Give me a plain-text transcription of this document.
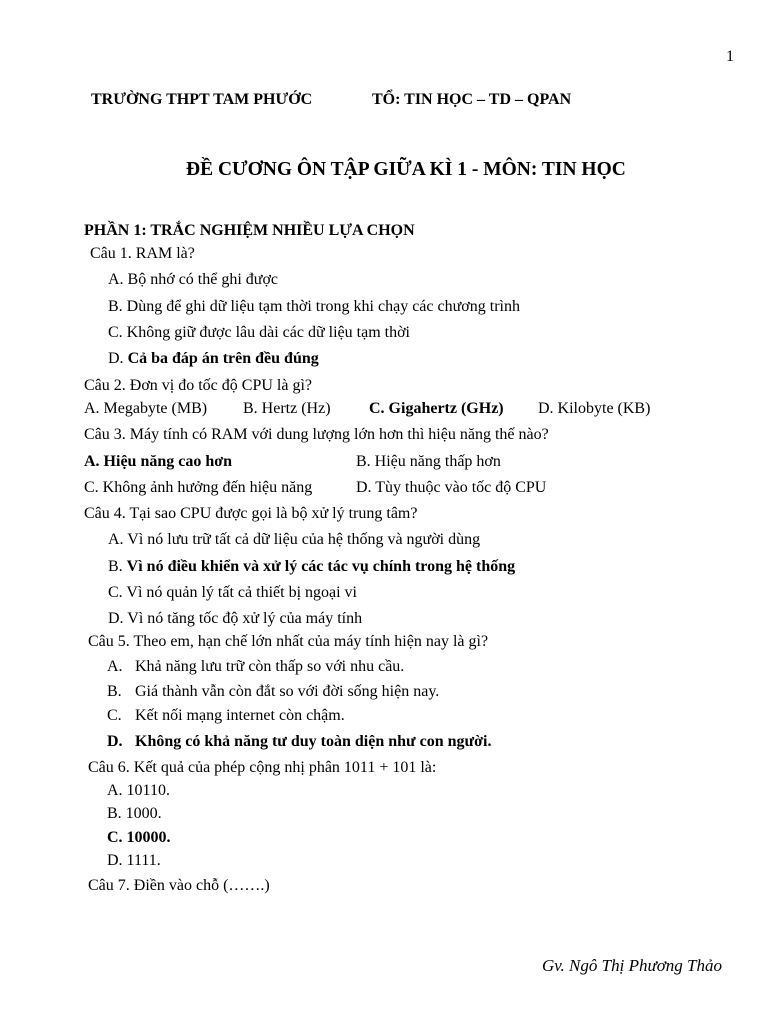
1
TRƯỜNG THPT TAM PHƯỚC	TỔ: TIN HỌC – TD – QPAN
ĐỀ CƯƠNG ÔN TẬP GIỮA KÌ 1 - MÔN: TIN HỌC
PHẦN 1: TRẮC NGHIỆM NHIỀU LỰA CHỌN
Câu 1. RAM là?
A. Bộ nhớ có thể ghi được
B. Dùng để ghi dữ liệu tạm thời trong khi chạy các chương trình
C. Không giữ được lâu dài các dữ liệu tạm thời
D. Cả ba đáp án trên đều đúng
Câu 2. Đơn vị đo tốc độ CPU là gì?
A. Megabyte (MB) B. Hertz (Hz) C. Gigahertz (GHz) D. Kilobyte (KB)
Câu 3. Máy tính có RAM với dung lượng lớn hơn thì hiệu năng thế nào?
A. Hiệu năng cao hơn	B. Hiệu năng thấp hơn
C. Không ảnh hưởng đến hiệu năng	D. Tùy thuộc vào tốc độ CPU
Câu 4. Tại sao CPU được gọi là bộ xử lý trung tâm?
A. Vì nó lưu trữ tất cả dữ liệu của hệ thống và người dùng
B. Vì nó điều khiển và xử lý các tác vụ chính trong hệ thống
C. Vì nó quản lý tất cả thiết bị ngoại vi
D. Vì nó tăng tốc độ xử lý của máy tính
Câu 5. Theo em, hạn chế lớn nhất của máy tính hiện nay là gì?
A. Khả năng lưu trữ còn thấp so với nhu cầu.
B. Giá thành vẫn còn đắt so với đời sống hiện nay.
C. Kết nối mạng internet còn chậm.
D. Không có khả năng tư duy toàn diện như con người.
Câu 6. Kết quả của phép cộng nhị phân 1011 + 101 là:
A. 10110.
B. 1000.
C. 10000.
D. 1111.
Câu 7. Điền vào chỗ (…….)
Gv. Ngô Thị Phương Thảo
